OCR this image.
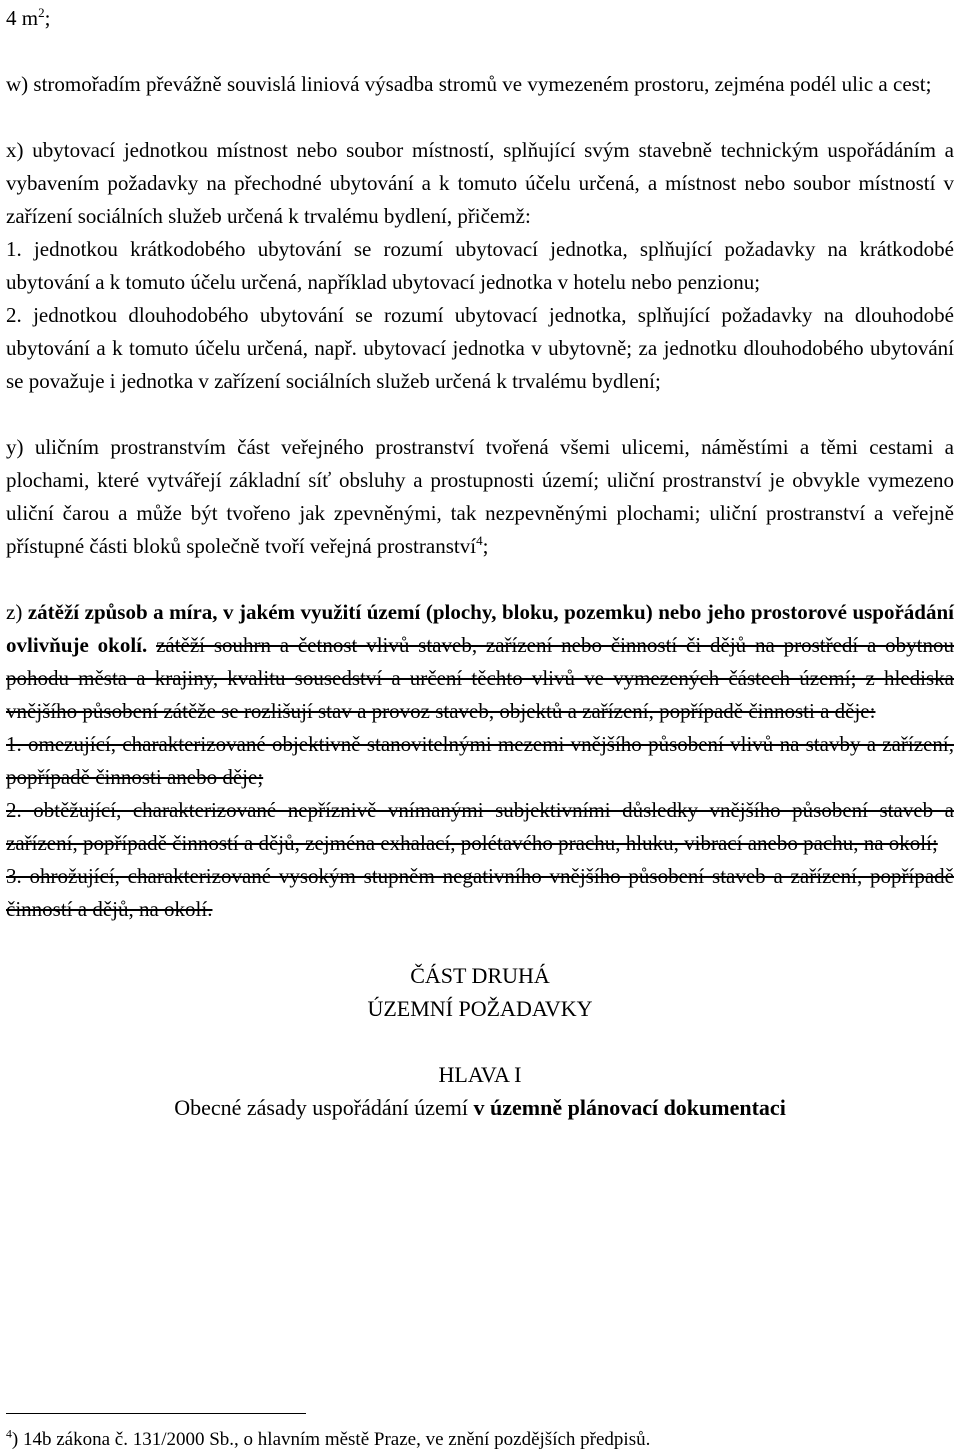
4 $m^2$;

w) stromořadím převážně souvislá liniová výsadba stromů ve vymezeném prostoru, zejména podél ulic a cest;

x) ubytovací jednotkou místnost nebo soubor místností, splňující svým stavebně technickým uspořádáním a vybavením požadavky na přechodné ubytování a k tomuto účelu určená, a místnost nebo soubor místností v zařízení sociálních služeb určená k trvalému bydlení, přičemž:

1. jednotkou krátkodobého ubytování se rozumí ubytovací jednotka, splňující požadavky na krátkodobé ubytování a k tomuto účelu určená, například ubytovací jednotka v hotelu nebo penzionu;

2. jednotkou dlouhodobého ubytování se rozumí ubytovací jednotka, splňující požadavky na dlouhodobé ubytování a k tomuto účelu určená, např. ubytovací jednotka v ubytovně; za jednotku dlouhodobého ubytování se považuje i jednotka v zařízení sociálních služeb určená k trvalému bydlení;

y) uličním prostranstvím část veřejného prostranství tvořená všemi ulicemi, náměstími a těmi cestami a plochami, které vytvářejí základní síť obsluhy a prostupnosti území; uliční prostranství je obvykle vymezeno uliční čarou a může být tvořeno jak zpevněnými, tak nezpevněnými plochami; uliční prostranství a veřejně přístupné části bloků společně tvoří veřejná prostranství$^4$;

z) zátěží způsob a míra, v jakém využití území (plochy, bloku, pozemku) nebo jeho prostorové uspořádání ovlivňuje okolí. zátěží souhrn a četnost vlivů staveb, zařízení nebo činností či dějů na prostředí a obytnou pohodu města a krajiny, kvalitu sousedství a určení těchto vlivů ve vymezených částech území; z hlediska vnějšího působení zátěže se rozlišují stav a provoz staveb, objektů a zařízení, popřípadě činnosti a děje:

1. omezující, charakterizované objektivně stanovitelnými mezemi vnějšího působení vlivů na stavby a zařízení, popřípadě činnosti anebo děje;

2. obtěžující, charakterizované nepříznivě vnímanými subjektivními důsledky vnějšího působení staveb a zařízení, popřípadě činností a dějů, zejména exhalací, polétavého prachu, hluku, vibrací anebo pachu, na okolí;

3. ohrožující, charakterizované vysokým stupněm negativního vnějšího působení staveb a zařízení, popřípadě činností a dějů, na okolí.

ČÁST DRUHÁ

ÚZEMNÍ POŽADAVKY

HLAVA I

Obecné zásady uspořádání území v územně plánovací dokumentaci

$^4$) 14b zákona č. 131/2000 Sb., o hlavním městě Praze, ve znění pozdějších předpisů.
